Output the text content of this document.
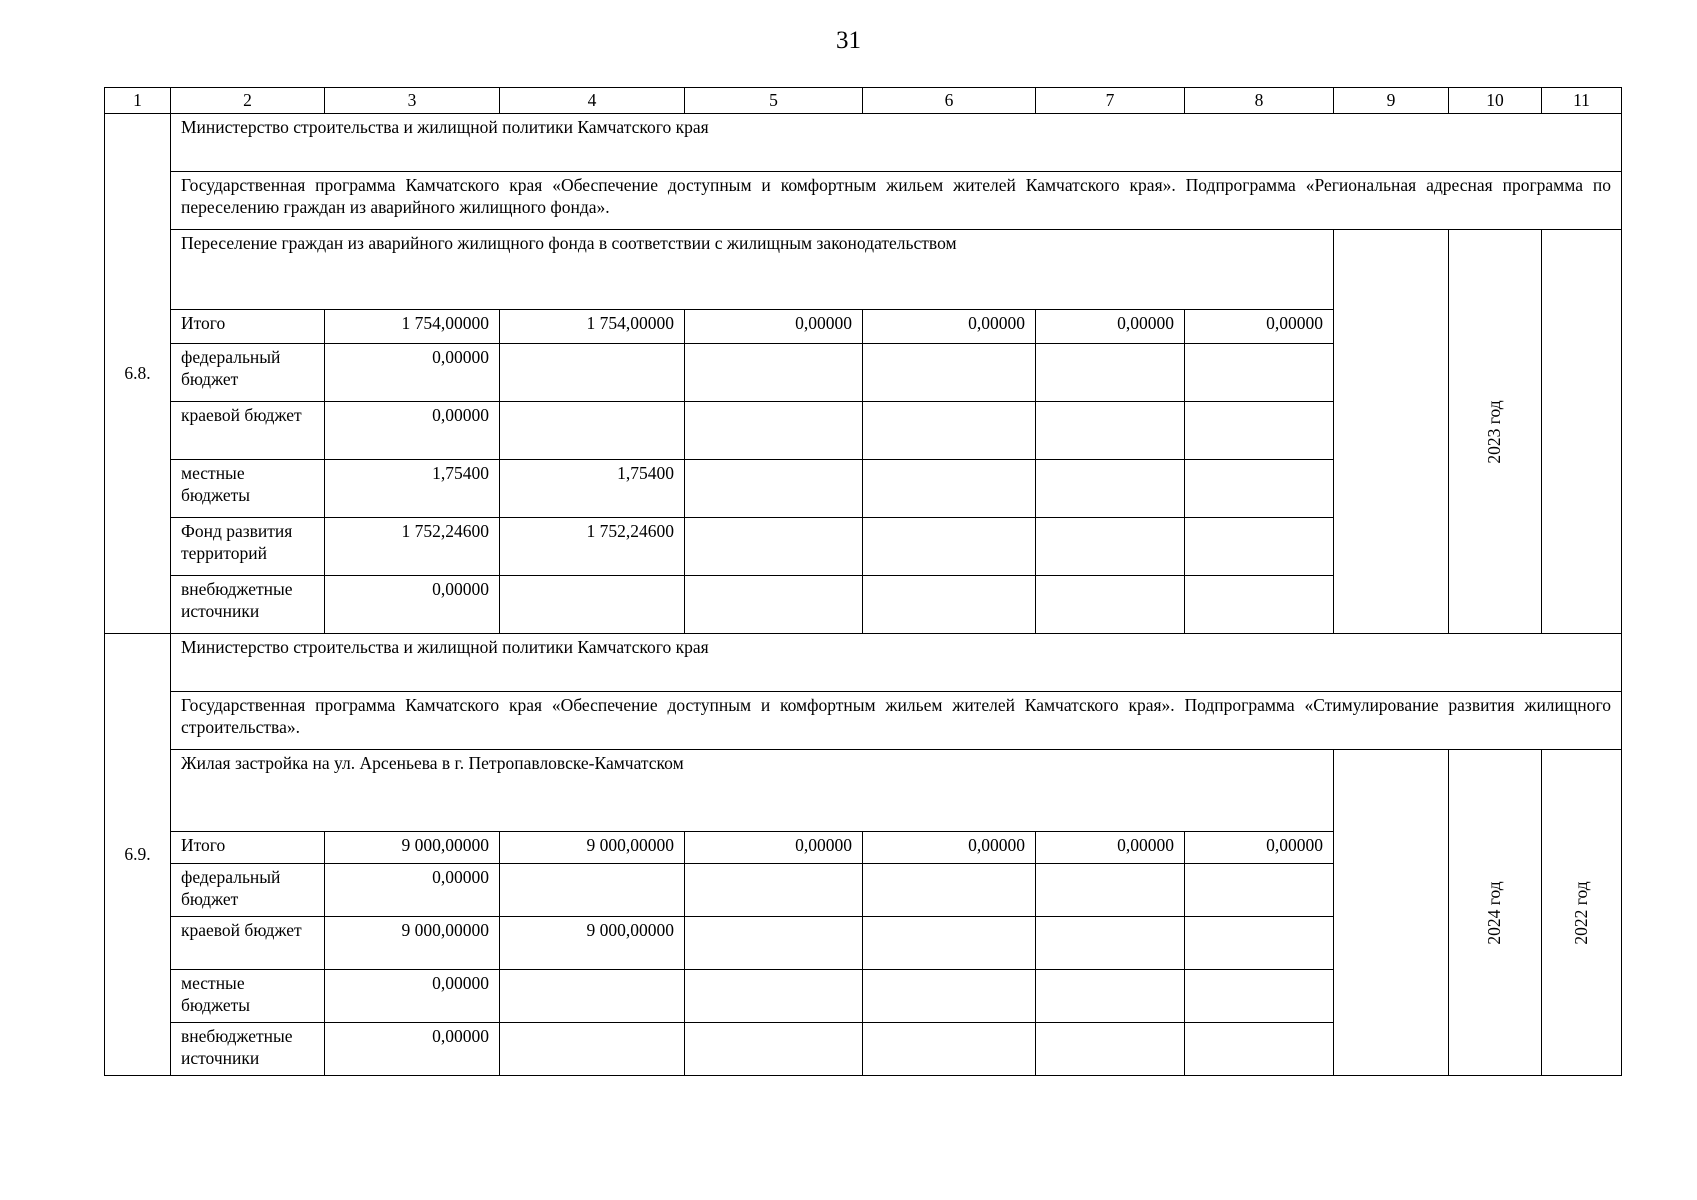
31
1	2	3	4	5	6	7	8	9	10	11
6.8.	Министерство строительства и жилищной политики Камчатского края									
	Государственная программа Камчатского края «Обеспечение доступным и комфортным жильем жителей Камчатского края». Подпрограмма «Региональная адресная программа по переселению граждан из аварийного жилищного фонда».									
	Переселение граждан из аварийного жилищного фонда в соответствии с жилищным законодательством								2023 год	

	Итого	1 754,00000	1 754,00000	0,00000	0,00000	0,00000	0,00000			
	федеральный бюджет	0,00000								
	краевой бюджет	0,00000								
	местные бюджеты	1,75400	1,75400							
	Фонд развития территорий	1 752,24600	1 752,24600							
	внебюджетные источники	0,00000								
6.9.	Министерство строительства и жилищной политики Камчатского края									
	Государственная программа Камчатского края «Обеспечение доступным и комфортным жильем жителей Камчатского края». Подпрограмма «Стимулирование развития жилищного строительства».									
	Жилая застройка на ул. Арсеньева в г. Петропавловске-Камчатском								2024 год	2022 год

	Итого	9 000,00000	9 000,00000	0,00000	0,00000	0,00000	0,00000			
	федеральный бюджет	0,00000								
	краевой бюджет	9 000,00000	9 000,00000							
	местные бюджеты	0,00000								
	внебюджетные источники	0,00000								
